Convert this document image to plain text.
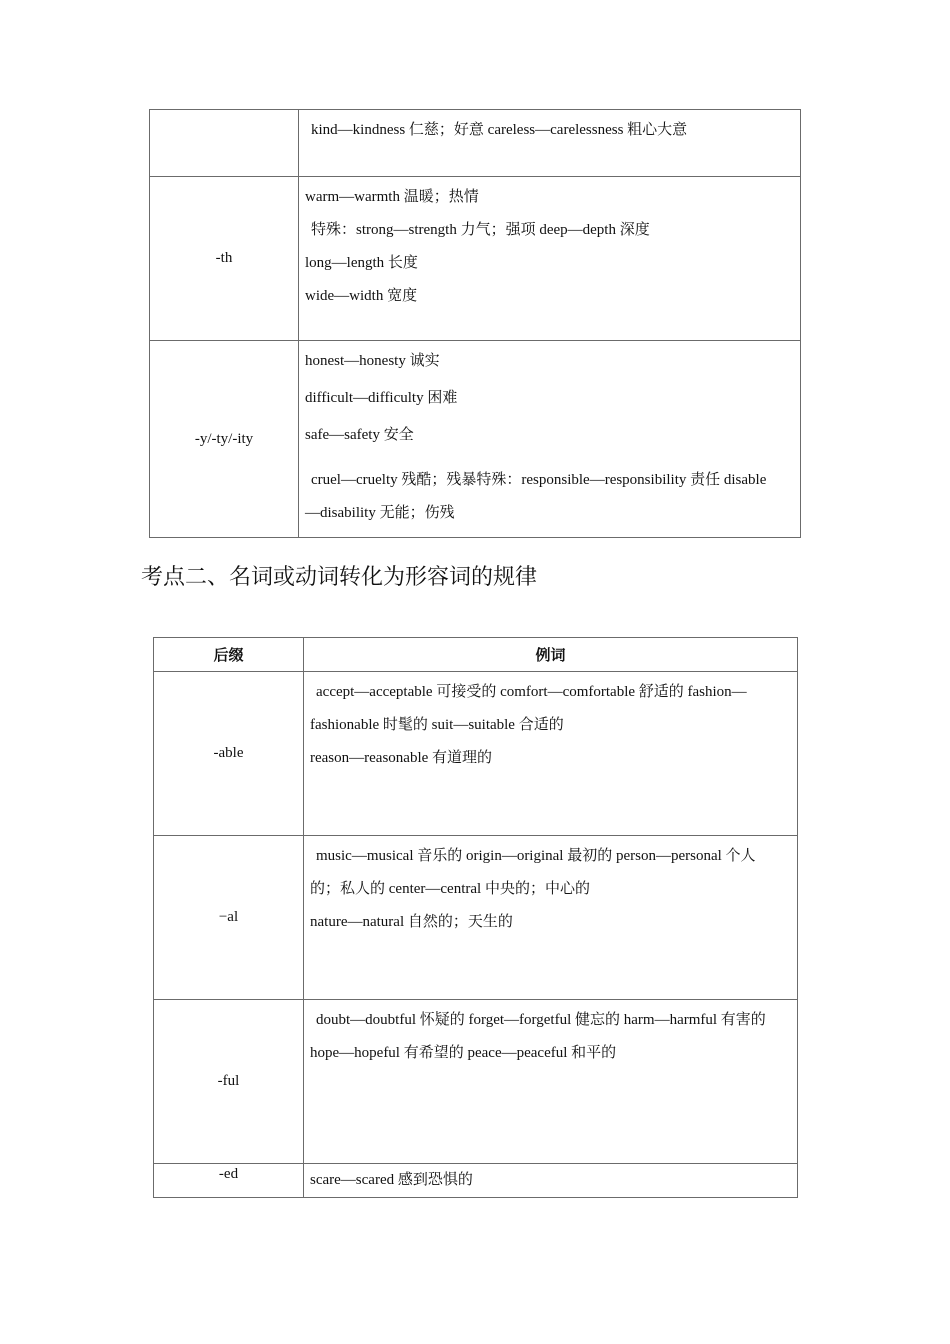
	kind—kindness 仁慈；好意 careless—carelessness 粗心大意

-th	warm—warmth 温暖；热情
特殊：strong—strength 力气；强项 deep—depth 深度
long—length 长度
wide—width 宽度

-y/-ty/-ity	honest—honesty 诚实
difficult—difficulty 困难
safe—safety 安全
cruel—cruelty 残酷；残暴特殊：responsible—responsibility 责任 disable
—disability 无能；伤残
考点二、名词或动词转化为形容词的规律
后缀	例词
-able	accept—acceptable 可接受的 comfort—comfortable 舒适的 fashion—
fashionable 时髦的 suit—suitable 合适的
reason—reasonable 有道理的

−al	music—musical 音乐的 origin—original 最初的 person—personal 个人
的；私人的 center—central 中央的；中心的
nature—natural 自然的；天生的

-ful	doubt—doubtful 怀疑的 forget—forgetful 健忘的 harm—harmful 有害的
hope—hopeful 有希望的 peace—peaceful 和平的

-ed	scare—scared 感到恐惧的
